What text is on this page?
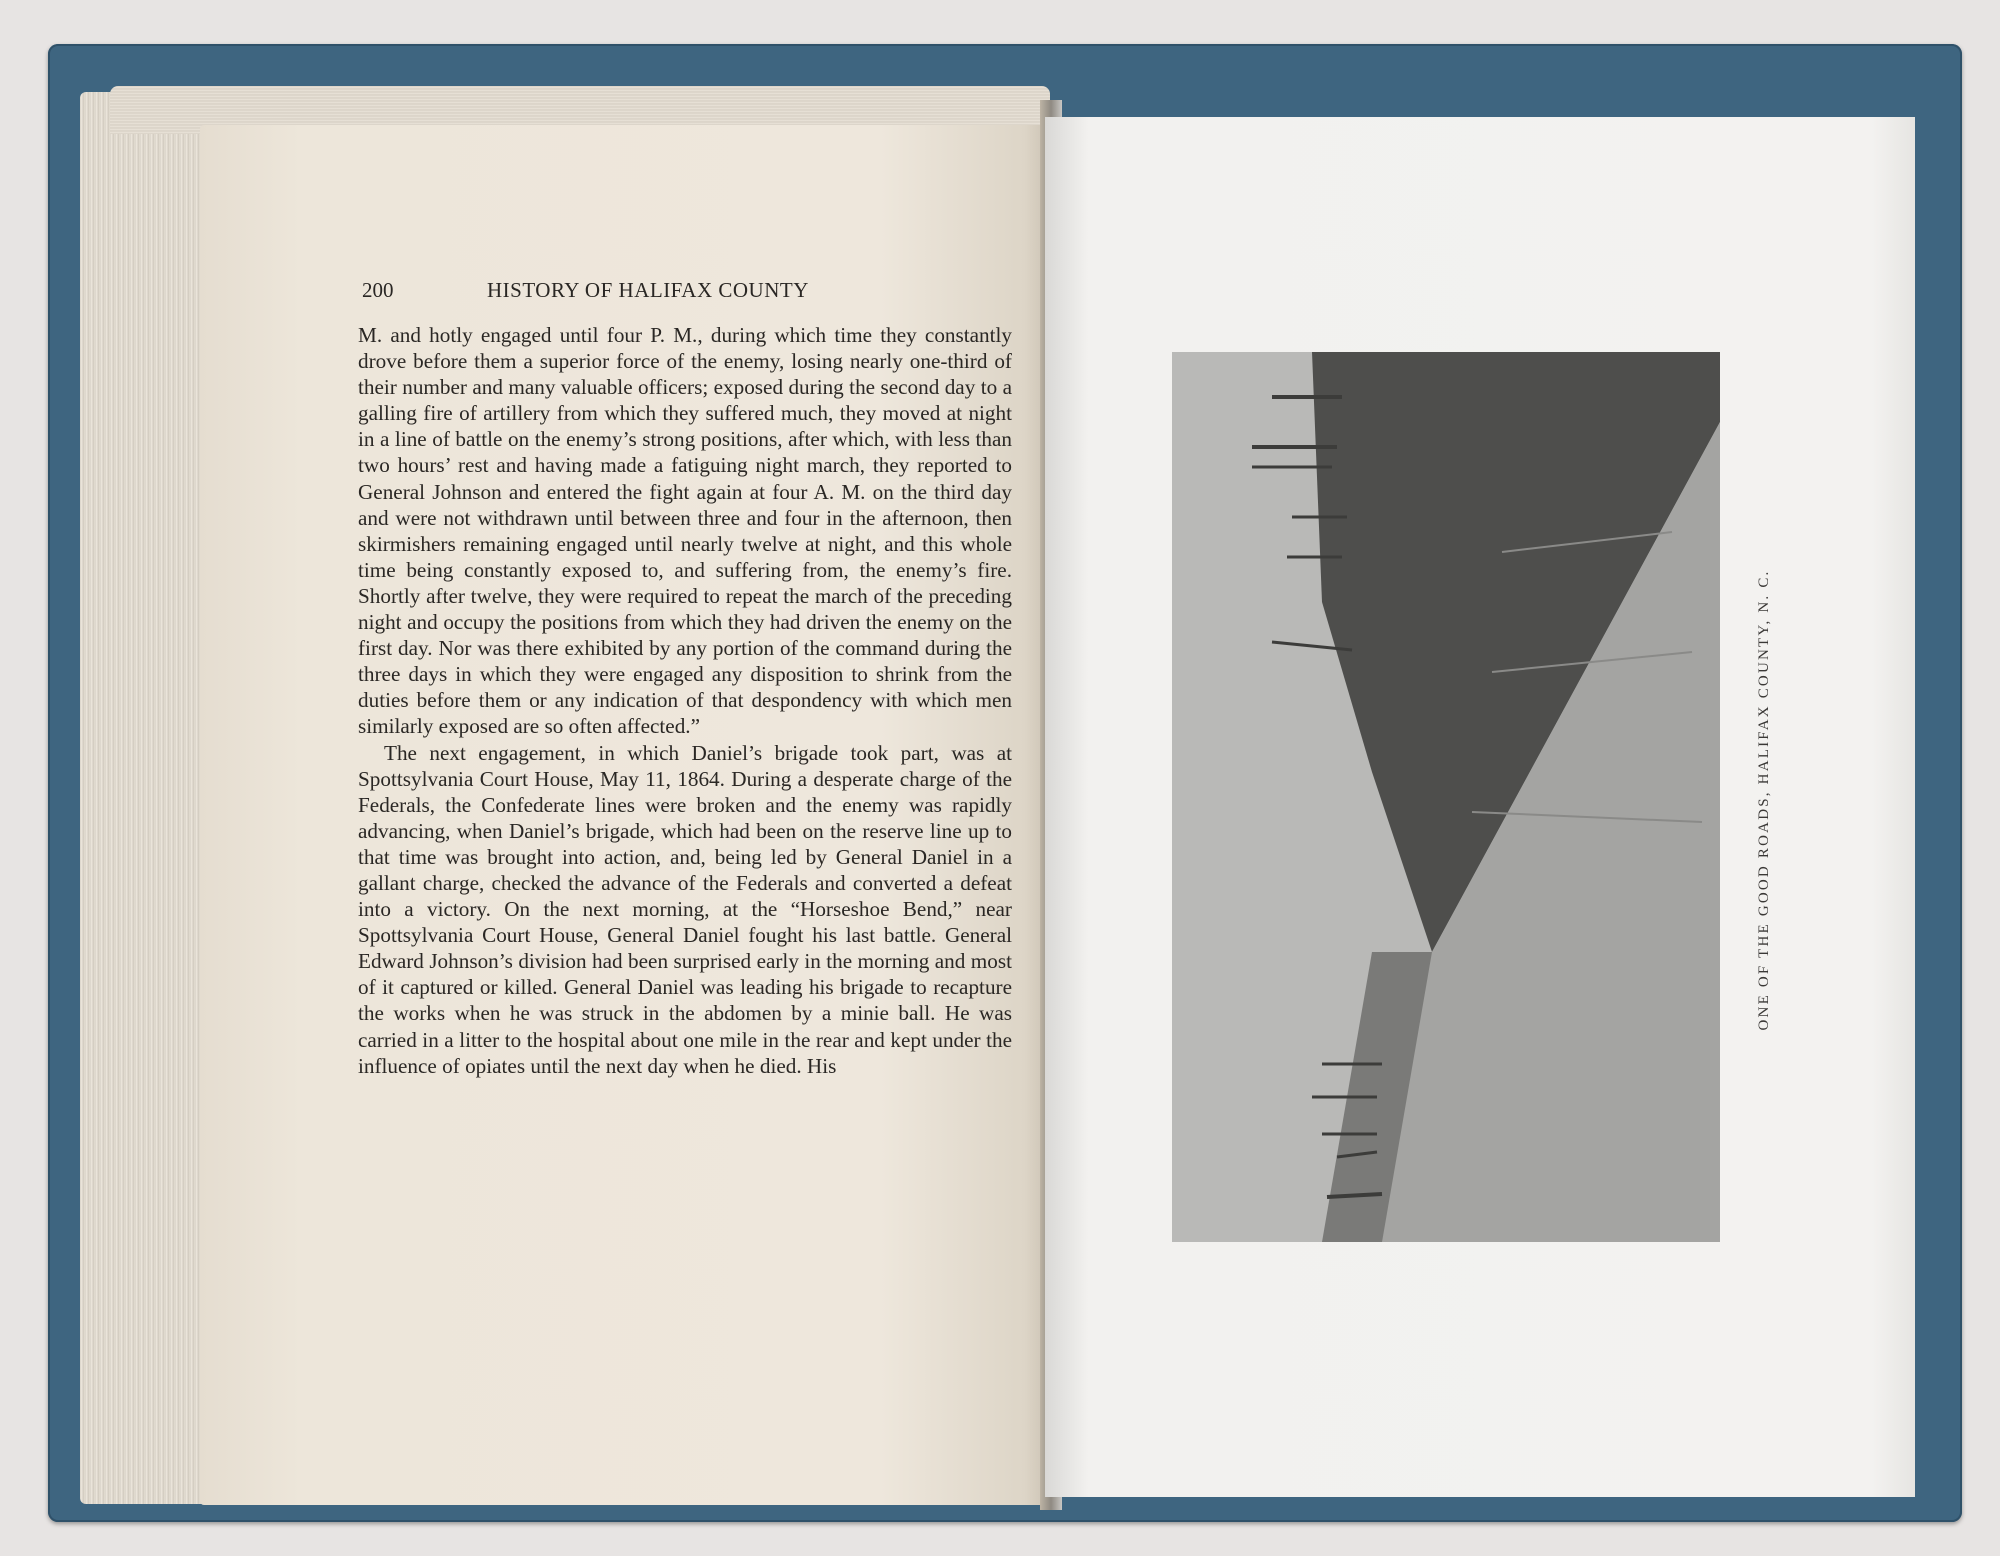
200	HISTORY OF HALIFAX COUNTY

M. and hotly engaged until four P. M., during which time they constantly drove before them a superior force of the enemy, losing nearly one-third of their number and many valuable officers; exposed during the second day to a galling fire of artillery from which they suffered much, they moved at night in a line of battle on the enemy’s strong positions, after which, with less than two hours’ rest and having made a fatiguing night march, they reported to General Johnson and entered the fight again at four A. M. on the third day and were not withdrawn until between three and four in the afternoon, then skirmishers remaining engaged until nearly twelve at night, and this whole time being constantly exposed to, and suffering from, the enemy’s fire. Shortly after twelve, they were required to repeat the march of the preceding night and occupy the positions from which they had driven the enemy on the first day. Nor was there exhibited by any portion of the command during the three days in which they were engaged any disposition to shrink from the duties before them or any indication of that despondency with which men similarly exposed are so often affected.”

The next engagement, in which Daniel’s brigade took part, was at Spottsylvania Court House, May 11, 1864. During a desperate charge of the Federals, the Confederate lines were broken and the enemy was rapidly advancing, when Daniel’s brigade, which had been on the reserve line up to that time was brought into action, and, being led by General Daniel in a gallant charge, checked the advance of the Federals and converted a defeat into a victory. On the next morning, at the “Horseshoe Bend,” near Spottsylvania Court House, General Daniel fought his last battle. General Edward Johnson’s division had been surprised early in the morning and most of it captured or killed. General Daniel was leading his brigade to recapture the works when he was struck in the abdomen by a minie ball. He was carried in a litter to the hospital about one mile in the rear and kept under the influence of opiates until the next day when he died. His

ONE OF THE GOOD ROADS, HALIFAX COUNTY, N. C.
